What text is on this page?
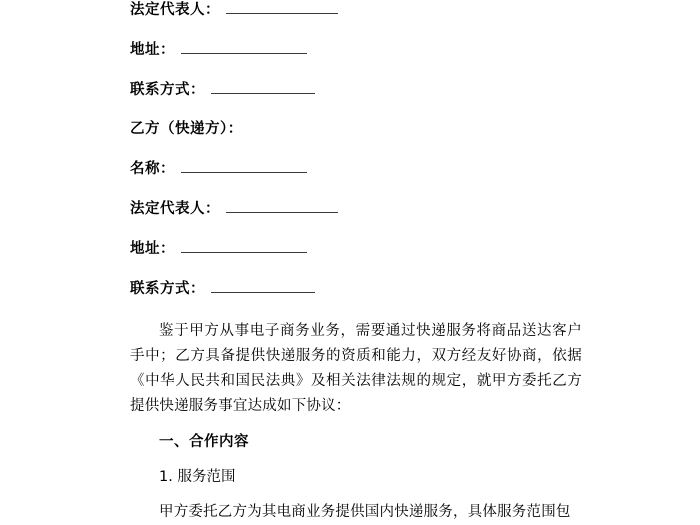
法定代表人：
地址：
联系方式：
乙方（快递方）：
名称：
法定代表人：
地址：
联系方式：
鉴于甲方从事电子商务业务，需要通过快递服务将商品送达客户手中；乙方具备提供快递服务的资质和能力，双方经友好协商，依据《中华人民共和国民法典》及相关法律法规的规定，就甲方委托乙方提供快递服务事宜达成如下协议：
一、合作内容
1. 服务范围
甲方委托乙方为其电商业务提供国内快递服务，具体服务范围包
